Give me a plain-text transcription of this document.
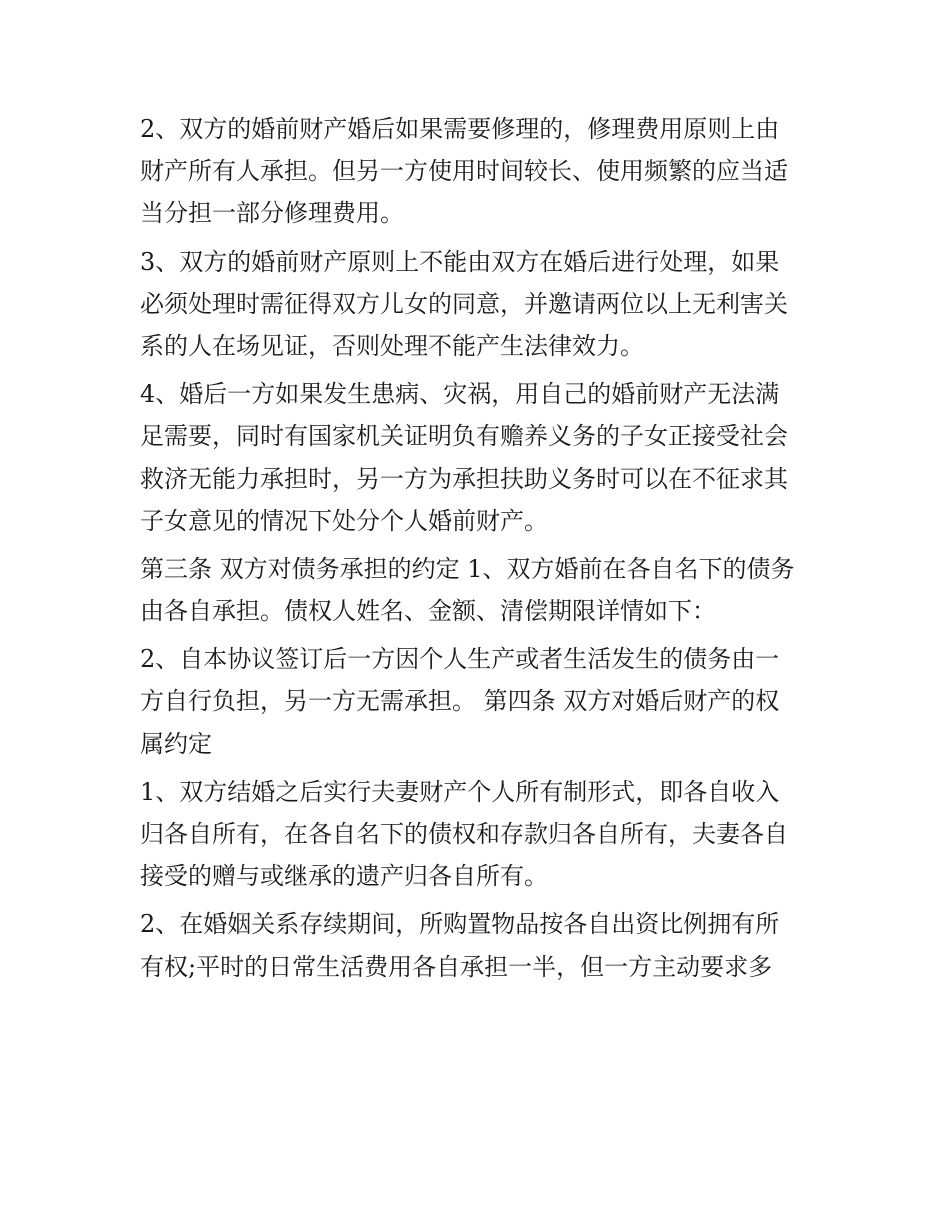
2、双方的婚前财产婚后如果需要修理的，修理费用原则上由
财产所有人承担。但另一方使用时间较长、使用频繁的应当适
当分担一部分修理费用。

3、双方的婚前财产原则上不能由双方在婚后进行处理，如果
必须处理时需征得双方儿女的同意，并邀请两位以上无利害关
系的人在场见证，否则处理不能产生法律效力。

4、婚后一方如果发生患病、灾祸，用自己的婚前财产无法满
足需要，同时有国家机关证明负有赡养义务的子女正接受社会
救济无能力承担时，另一方为承担扶助义务时可以在不征求其
子女意见的情况下处分个人婚前财产。

第三条 双方对债务承担的约定 1、双方婚前在各自名下的债务
由各自承担。债权人姓名、金额、清偿期限详情如下：

2、自本协议签订后一方因个人生产或者生活发生的债务由一
方自行负担，另一方无需承担。 第四条 双方对婚后财产的权
属约定

1、双方结婚之后实行夫妻财产个人所有制形式，即各自收入
归各自所有，在各自名下的债权和存款归各自所有，夫妻各自
接受的赠与或继承的遗产归各自所有。

2、在婚姻关系存续期间，所购置物品按各自出资比例拥有所
有权;平时的日常生活费用各自承担一半，但一方主动要求多
